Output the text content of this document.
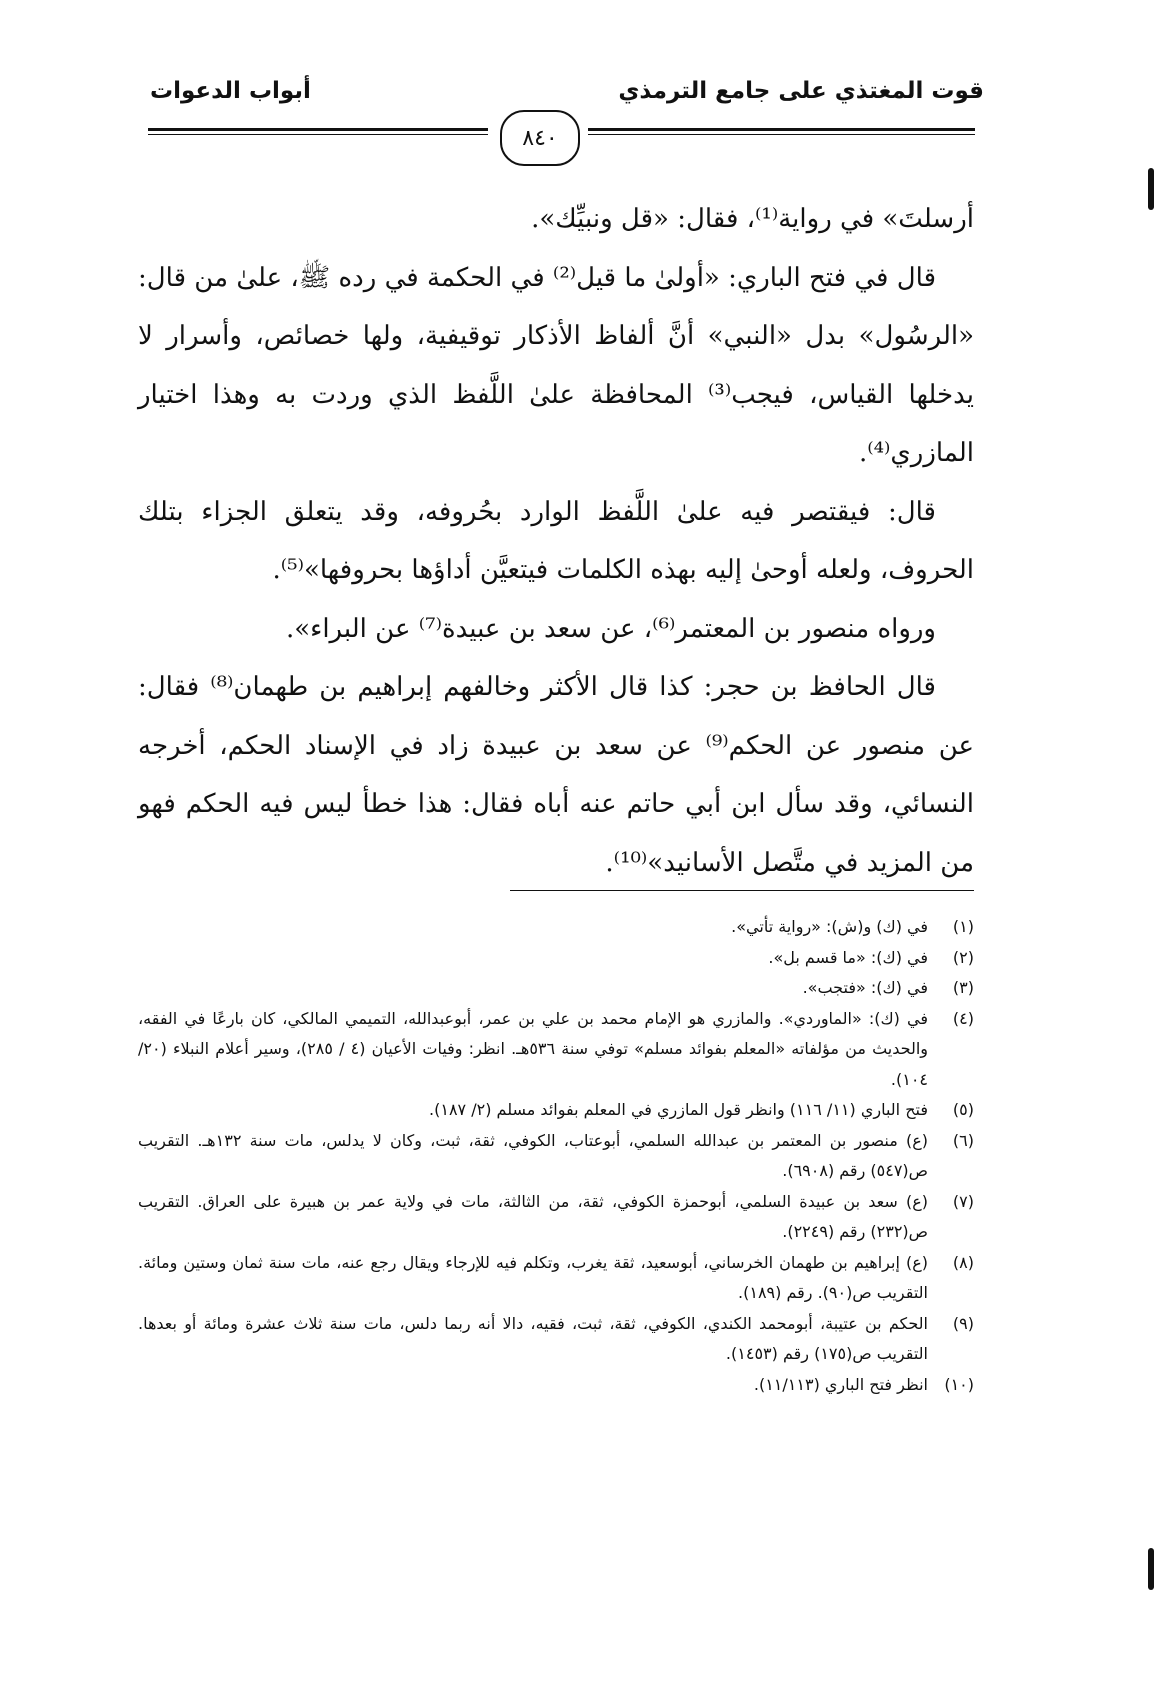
قوت المغتذي على جامع الترمذي
أبواب الدعوات
٨٤٠

أرسلتَ» في رواية⁽¹⁾، فقال: «قل ونبيِّك».

قال في فتح الباري: «أولىٰ ما قيل⁽²⁾ في الحكمة في رده ﷺ، علىٰ من قال: «الرسُول» بدل «النبي» أنَّ ألفاظ الأذكار توقيفية، ولها خصائص، وأسرار لا يدخلها القياس، فيجب⁽³⁾ المحافظة علىٰ اللَّفظ الذي وردت به وهذا اختيار المازري⁽⁴⁾.

قال: فيقتصر فيه علىٰ اللَّفظ الوارد بحُروفه، وقد يتعلق الجزاء بتلك الحروف، ولعله أوحىٰ إليه بهذه الكلمات فيتعيَّن أداؤها بحروفها»⁽⁵⁾.

ورواه منصور بن المعتمر⁽⁶⁾، عن سعد بن عبيدة⁽⁷⁾ عن البراء».

قال الحافظ بن حجر: كذا قال الأكثر وخالفهم إبراهيم بن طهمان⁽⁸⁾ فقال: عن منصور عن الحكم⁽⁹⁾ عن سعد بن عبيدة زاد في الإسناد الحكم، أخرجه النسائي، وقد سأل ابن أبي حاتم عنه أباه فقال: هذا خطأ ليس فيه الحكم فهو من المزيد في متَّصل الأسانيد»⁽¹⁰⁾.

(١)
في (ك) و(ش): «رواية تأتي».
(٢)
في (ك): «ما قسم بل».
(٣)
في (ك): «فتجب».
(٤)
في (ك): «الماوردي». والمازري هو الإمام محمد بن علي بن عمر، أبوعبدالله، التميمي المالكي، كان بارعًا في الفقه، والحديث من مؤلفاته «المعلم بفوائد مسلم» توفي سنة ٥٣٦هـ. انظر: وفيات الأعيان (٤ / ٢٨٥)، وسير أعلام النبلاء (٢٠/ ١٠٤).
(٥)
فتح الباري (١١/ ١١٦) وانظر قول المازري في المعلم بفوائد مسلم (٢/ ١٨٧).
(٦)
(ع) منصور بن المعتمر بن عبدالله السلمي، أبوعتاب، الكوفي، ثقة، ثبت، وكان لا يدلس، مات سنة ١٣٢هـ. التقريب ص(٥٤٧) رقم (٦٩٠٨).
(٧)
(ع) سعد بن عبيدة السلمي، أبوحمزة الكوفي، ثقة، من الثالثة، مات في ولاية عمر بن هبيرة على العراق. التقريب ص(٢٣٢) رقم (٢٢٤٩).
(٨)
(ع) إبراهيم بن طهمان الخرساني، أبوسعيد، ثقة يغرب، وتكلم فيه للإرجاء ويقال رجع عنه، مات سنة ثمان وستين ومائة. التقريب ص(٩٠). رقم (١٨٩).
(٩)
الحكم بن عتيبة، أبومحمد الكندي، الكوفي، ثقة، ثبت، فقيه، دالا أنه ربما دلس، مات سنة ثلاث عشرة ومائة أو بعدها. التقريب ص(١٧٥) رقم (١٤٥٣).
(١٠)
انظر فتح الباري (١١/١١٣).
